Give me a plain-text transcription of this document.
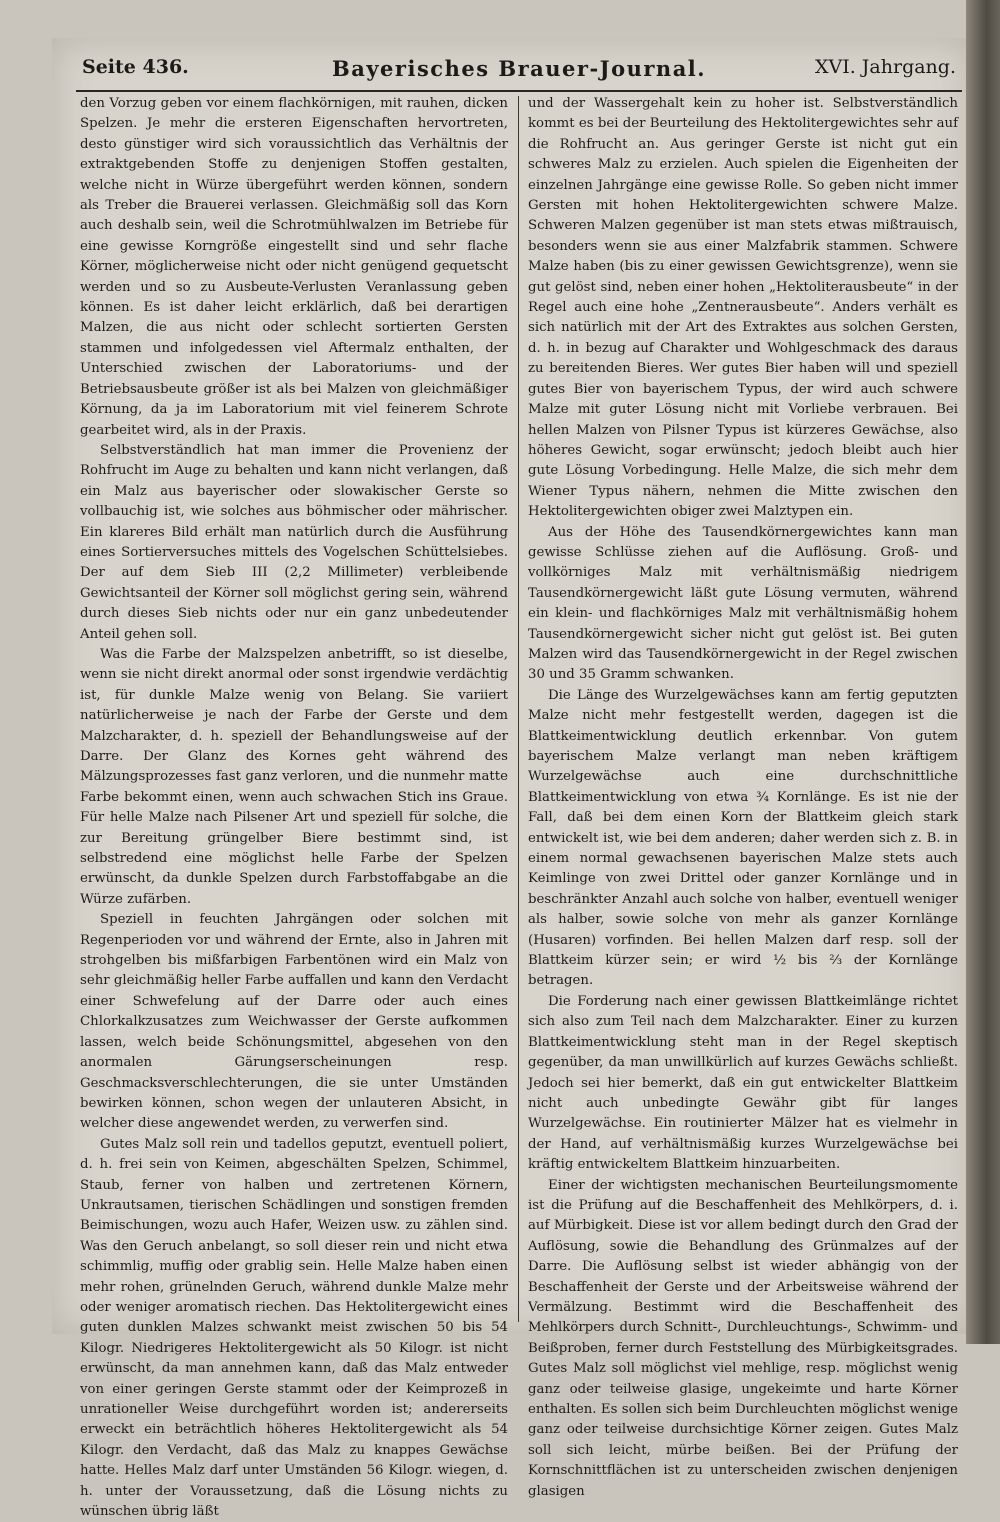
Seite 436.	Bayerisches Brauer-Journal.	XVI. Jahrgang.

den Vorzug geben vor einem flachkörnigen, mit rauhen, dicken Spelzen. Je mehr die ersteren Eigenschaften hervortreten, desto günstiger wird sich voraussichtlich das Verhältnis der extraktgebenden Stoffe zu denjenigen Stoffen gestalten, welche nicht in Würze übergeführt werden können, sondern als Treber die Brauerei verlassen. Gleichmäßig soll das Korn auch deshalb sein, weil die Schrotmühlwalzen im Betriebe für eine gewisse Korngröße eingestellt sind und sehr flache Körner, möglicherweise nicht oder nicht genügend gequetscht werden und so zu Ausbeute-Verlusten Veranlassung geben können. Es ist daher leicht erklärlich, daß bei derartigen Malzen, die aus nicht oder schlecht sortierten Gersten stammen und infolgedessen viel Aftermalz enthalten, der Unterschied zwischen der Laboratoriums- und der Betriebsausbeute größer ist als bei Malzen von gleichmäßiger Körnung, da ja im Laboratorium mit viel feinerem Schrote gearbeitet wird, als in der Praxis.

Selbstverständlich hat man immer die Provenienz der Rohfrucht im Auge zu behalten und kann nicht verlangen, daß ein Malz aus bayerischer oder slowakischer Gerste so vollbauchig ist, wie solches aus böhmischer oder mährischer. Ein klareres Bild erhält man natürlich durch die Ausführung eines Sortierversuches mittels des Vogelschen Schüttelsiebes. Der auf dem Sieb III (2,2 Millimeter) verbleibende Gewichtsanteil der Körner soll möglichst gering sein, während durch dieses Sieb nichts oder nur ein ganz unbedeutender Anteil gehen soll.

Was die Farbe der Malzspelzen anbetrifft, so ist dieselbe, wenn sie nicht direkt anormal oder sonst irgendwie verdächtig ist, für dunkle Malze wenig von Belang. Sie variiert natürlicherweise je nach der Farbe der Gerste und dem Malzcharakter, d. h. speziell der Behandlungsweise auf der Darre. Der Glanz des Kornes geht während des Mälzungsprozesses fast ganz verloren, und die nunmehr matte Farbe bekommt einen, wenn auch schwachen Stich ins Graue. Für helle Malze nach Pilsener Art und speziell für solche, die zur Bereitung grüngelber Biere bestimmt sind, ist selbstredend eine möglichst helle Farbe der Spelzen erwünscht, da dunkle Spelzen durch Farbstoffabgabe an die Würze zufärben.

Speziell in feuchten Jahrgängen oder solchen mit Regenperioden vor und während der Ernte, also in Jahren mit strohgelben bis mißfarbigen Farbentönen wird ein Malz von sehr gleichmäßig heller Farbe auffallen und kann den Verdacht einer Schwefelung auf der Darre oder auch eines Chlorkalkzusatzes zum Weichwasser der Gerste aufkommen lassen, welch beide Schönungsmittel, abgesehen von den anormalen Gärungserscheinungen resp. Geschmacksverschlechterungen, die sie unter Umständen bewirken können, schon wegen der unlauteren Absicht, in welcher diese angewendet werden, zu verwerfen sind.

Gutes Malz soll rein und tadellos geputzt, eventuell poliert, d. h. frei sein von Keimen, abgeschälten Spelzen, Schimmel, Staub, ferner von halben und zertretenen Körnern, Unkrautsamen, tierischen Schädlingen und sonstigen fremden Beimischungen, wozu auch Hafer, Weizen usw. zu zählen sind. Was den Geruch anbelangt, so soll dieser rein und nicht etwa schimmlig, muffig oder grablig sein. Helle Malze haben einen mehr rohen, grünelnden Geruch, während dunkle Malze mehr oder weniger aromatisch riechen. Das Hektolitergewicht eines guten dunklen Malzes schwankt meist zwischen 50 bis 54 Kilogr. Niedrigeres Hektolitergewicht als 50 Kilogr. ist nicht erwünscht, da man annehmen kann, daß das Malz entweder von einer geringen Gerste stammt oder der Keimprozeß in unrationeller Weise durchgeführt worden ist; andererseits erweckt ein beträchtlich höheres Hektolitergewicht als 54 Kilogr. den Verdacht, daß das Malz zu knappes Gewächse hatte. Helles Malz darf unter Umständen 56 Kilogr. wiegen, d. h. unter der Voraussetzung, daß die Lösung nichts zu wünschen übrig läßt

und der Wassergehalt kein zu hoher ist. Selbstverständlich kommt es bei der Beurteilung des Hektolitergewichtes sehr auf die Rohfrucht an. Aus geringer Gerste ist nicht gut ein schweres Malz zu erzielen. Auch spielen die Eigenheiten der einzelnen Jahrgänge eine gewisse Rolle. So geben nicht immer Gersten mit hohen Hektolitergewichten schwere Malze. Schweren Malzen gegenüber ist man stets etwas mißtrauisch, besonders wenn sie aus einer Malzfabrik stammen. Schwere Malze haben (bis zu einer gewissen Gewichtsgrenze), wenn sie gut gelöst sind, neben einer hohen „Hektoliterausbeute“ in der Regel auch eine hohe „Zentnerausbeute“. Anders verhält es sich natürlich mit der Art des Extraktes aus solchen Gersten, d. h. in bezug auf Charakter und Wohlgeschmack des daraus zu bereitenden Bieres. Wer gutes Bier haben will und speziell gutes Bier von bayerischem Typus, der wird auch schwere Malze mit guter Lösung nicht mit Vorliebe verbrauen. Bei hellen Malzen von Pilsner Typus ist kürzeres Gewächse, also höheres Gewicht, sogar erwünscht; jedoch bleibt auch hier gute Lösung Vorbedingung. Helle Malze, die sich mehr dem Wiener Typus nähern, nehmen die Mitte zwischen den Hektolitergewichten obiger zwei Malztypen ein.

Aus der Höhe des Tausendkörnergewichtes kann man gewisse Schlüsse ziehen auf die Auflösung. Groß- und vollkörniges Malz mit verhältnismäßig niedrigem Tausendkörnergewicht läßt gute Lösung vermuten, während ein klein- und flachkörniges Malz mit verhältnismäßig hohem Tausendkörnergewicht sicher nicht gut gelöst ist. Bei guten Malzen wird das Tausendkörnergewicht in der Regel zwischen 30 und 35 Gramm schwanken.

Die Länge des Wurzelgewächses kann am fertig geputzten Malze nicht mehr festgestellt werden, dagegen ist die Blattkeimentwicklung deutlich erkennbar. Von gutem bayerischem Malze verlangt man neben kräftigem Wurzelgewächse auch eine durchschnittliche Blattkeimentwicklung von etwa ¾ Kornlänge. Es ist nie der Fall, daß bei dem einen Korn der Blattkeim gleich stark entwickelt ist, wie bei dem anderen; daher werden sich z. B. in einem normal gewachsenen bayerischen Malze stets auch Keimlinge von zwei Drittel oder ganzer Kornlänge und in beschränkter Anzahl auch solche von halber, eventuell weniger als halber, sowie solche von mehr als ganzer Kornlänge (Husaren) vorfinden. Bei hellen Malzen darf resp. soll der Blattkeim kürzer sein; er wird ½ bis ⅔ der Kornlänge betragen.

Die Forderung nach einer gewissen Blattkeimlänge richtet sich also zum Teil nach dem Malzcharakter. Einer zu kurzen Blattkeimentwicklung steht man in der Regel skeptisch gegenüber, da man unwillkürlich auf kurzes Gewächs schließt. Jedoch sei hier bemerkt, daß ein gut entwickelter Blattkeim nicht auch unbedingte Gewähr gibt für langes Wurzelgewächse. Ein routinierter Mälzer hat es vielmehr in der Hand, auf verhältnismäßig kurzes Wurzelgewächse bei kräftig entwickeltem Blattkeim hinzuarbeiten.

Einer der wichtigsten mechanischen Beurteilungsmomente ist die Prüfung auf die Beschaffenheit des Mehlkörpers, d. i. auf Mürbigkeit. Diese ist vor allem bedingt durch den Grad der Auflösung, sowie die Behandlung des Grünmalzes auf der Darre. Die Auflösung selbst ist wieder abhängig von der Beschaffenheit der Gerste und der Arbeitsweise während der Vermälzung. Bestimmt wird die Beschaffenheit des Mehlkörpers durch Schnitt-, Durchleuchtungs-, Schwimm- und Beißproben, ferner durch Feststellung des Mürbigkeitsgrades. Gutes Malz soll möglichst viel mehlige, resp. möglichst wenig ganz oder teilweise glasige, ungekeimte und harte Körner enthalten. Es sollen sich beim Durchleuchten möglichst wenige ganz oder teilweise durchsichtige Körner zeigen. Gutes Malz soll sich leicht, mürbe beißen. Bei der Prüfung der Kornschnittflächen ist zu unterscheiden zwischen denjenigen glasigen
